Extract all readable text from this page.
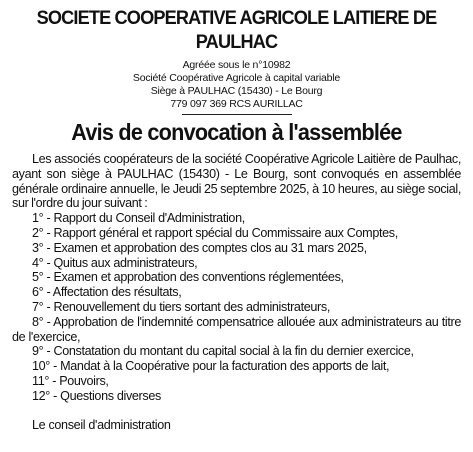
SOCIETE COOPERATIVE AGRICOLE LAITIERE DE PAULHAC
Agréée sous le n°10982
Société Coopérative Agricole à capital variable
Siège à PAULHAC (15430) - Le Bourg
779 097 369 RCS AURILLAC
Avis de convocation à l'assemblée
Les associés coopérateurs de la société Coopérative Agricole Laitière de Paulhac, ayant son siège à PAULHAC (15430) - Le Bourg, sont convoqués en assemblée générale ordinaire annuelle, le Jeudi 25 septembre 2025, à 10 heures, au siège social, sur l'ordre du jour suivant :
1° - Rapport du Conseil d'Administration,
2° - Rapport général et rapport spécial du Commissaire aux Comptes,
3° - Examen et approbation des comptes clos au 31 mars 2025,
4° - Quitus aux administrateurs,
5° - Examen et approbation des conventions réglementées,
6° - Affectation des résultats,
7° - Renouvellement du tiers sortant des administrateurs,
8° - Approbation de l'indemnité compensatrice allouée aux administrateurs au titre de l'exercice,
9° - Constatation du montant du capital social à la fin du dernier exercice,
10° - Mandat à la Coopérative pour la facturation des apports de lait,
11° - Pouvoirs,
12° - Questions diverses
Le conseil d'administration
